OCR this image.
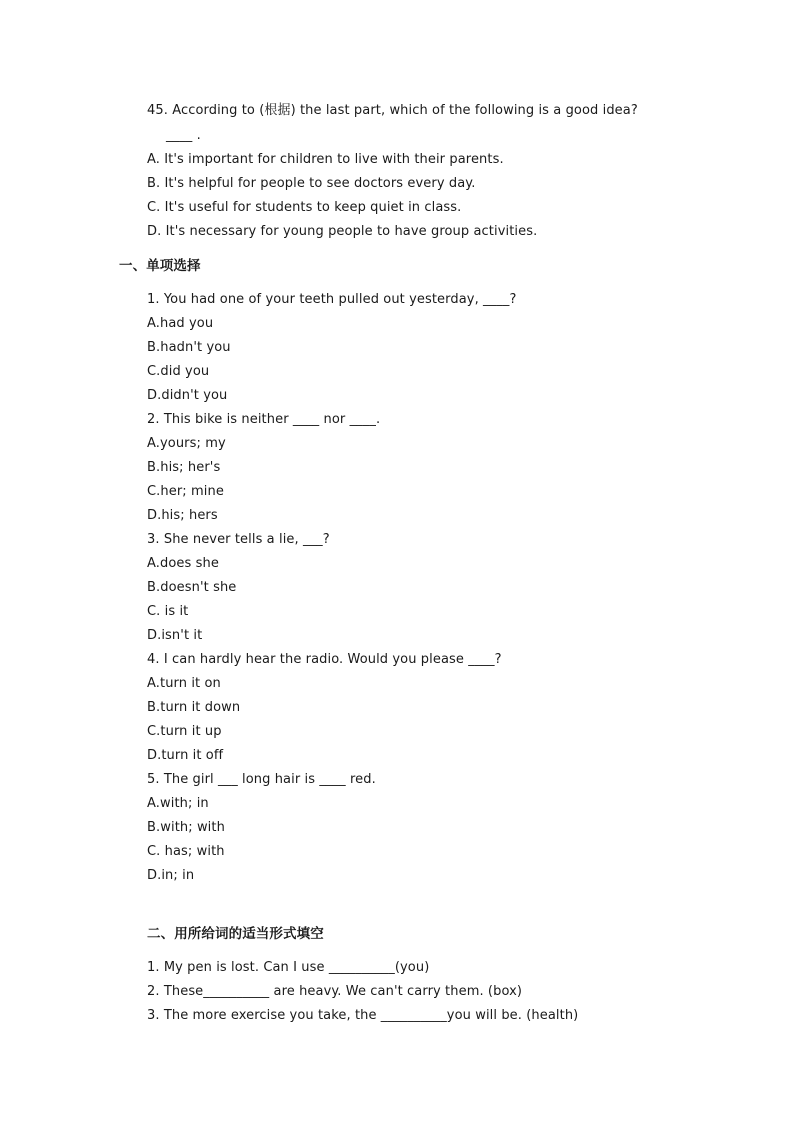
45. According to (根据) the last part, which of the following is a good idea?
____ .
A. It's important for children to live with their parents.
B. It's helpful for people to see doctors every day.
C. It's useful for students to keep quiet in class.
D. It's necessary for young people to have group activities.
一、单项选择
1. You had one of your teeth pulled out yesterday, ____?
A.had you
B.hadn't you
C.did you
D.didn't you
2. This bike is neither ____ nor ____.
A.yours; my
B.his; her's
C.her; mine
D.his; hers
3. She never tells a lie, ___?
A.does she
B.doesn't she
C. is it
D.isn't it
4. I can hardly hear the radio. Would you please ____?
A.turn it on
B.turn it down
C.turn it up
D.turn it off
5. The girl ___ long hair is ____ red.
A.with; in
B.with; with
C. has; with
D.in; in
二、用所给词的适当形式填空
1. My pen is lost. Can I use __________(you)
2. These__________ are heavy. We can't carry them. (box)
3. The more exercise you take, the __________you will be. (health)
